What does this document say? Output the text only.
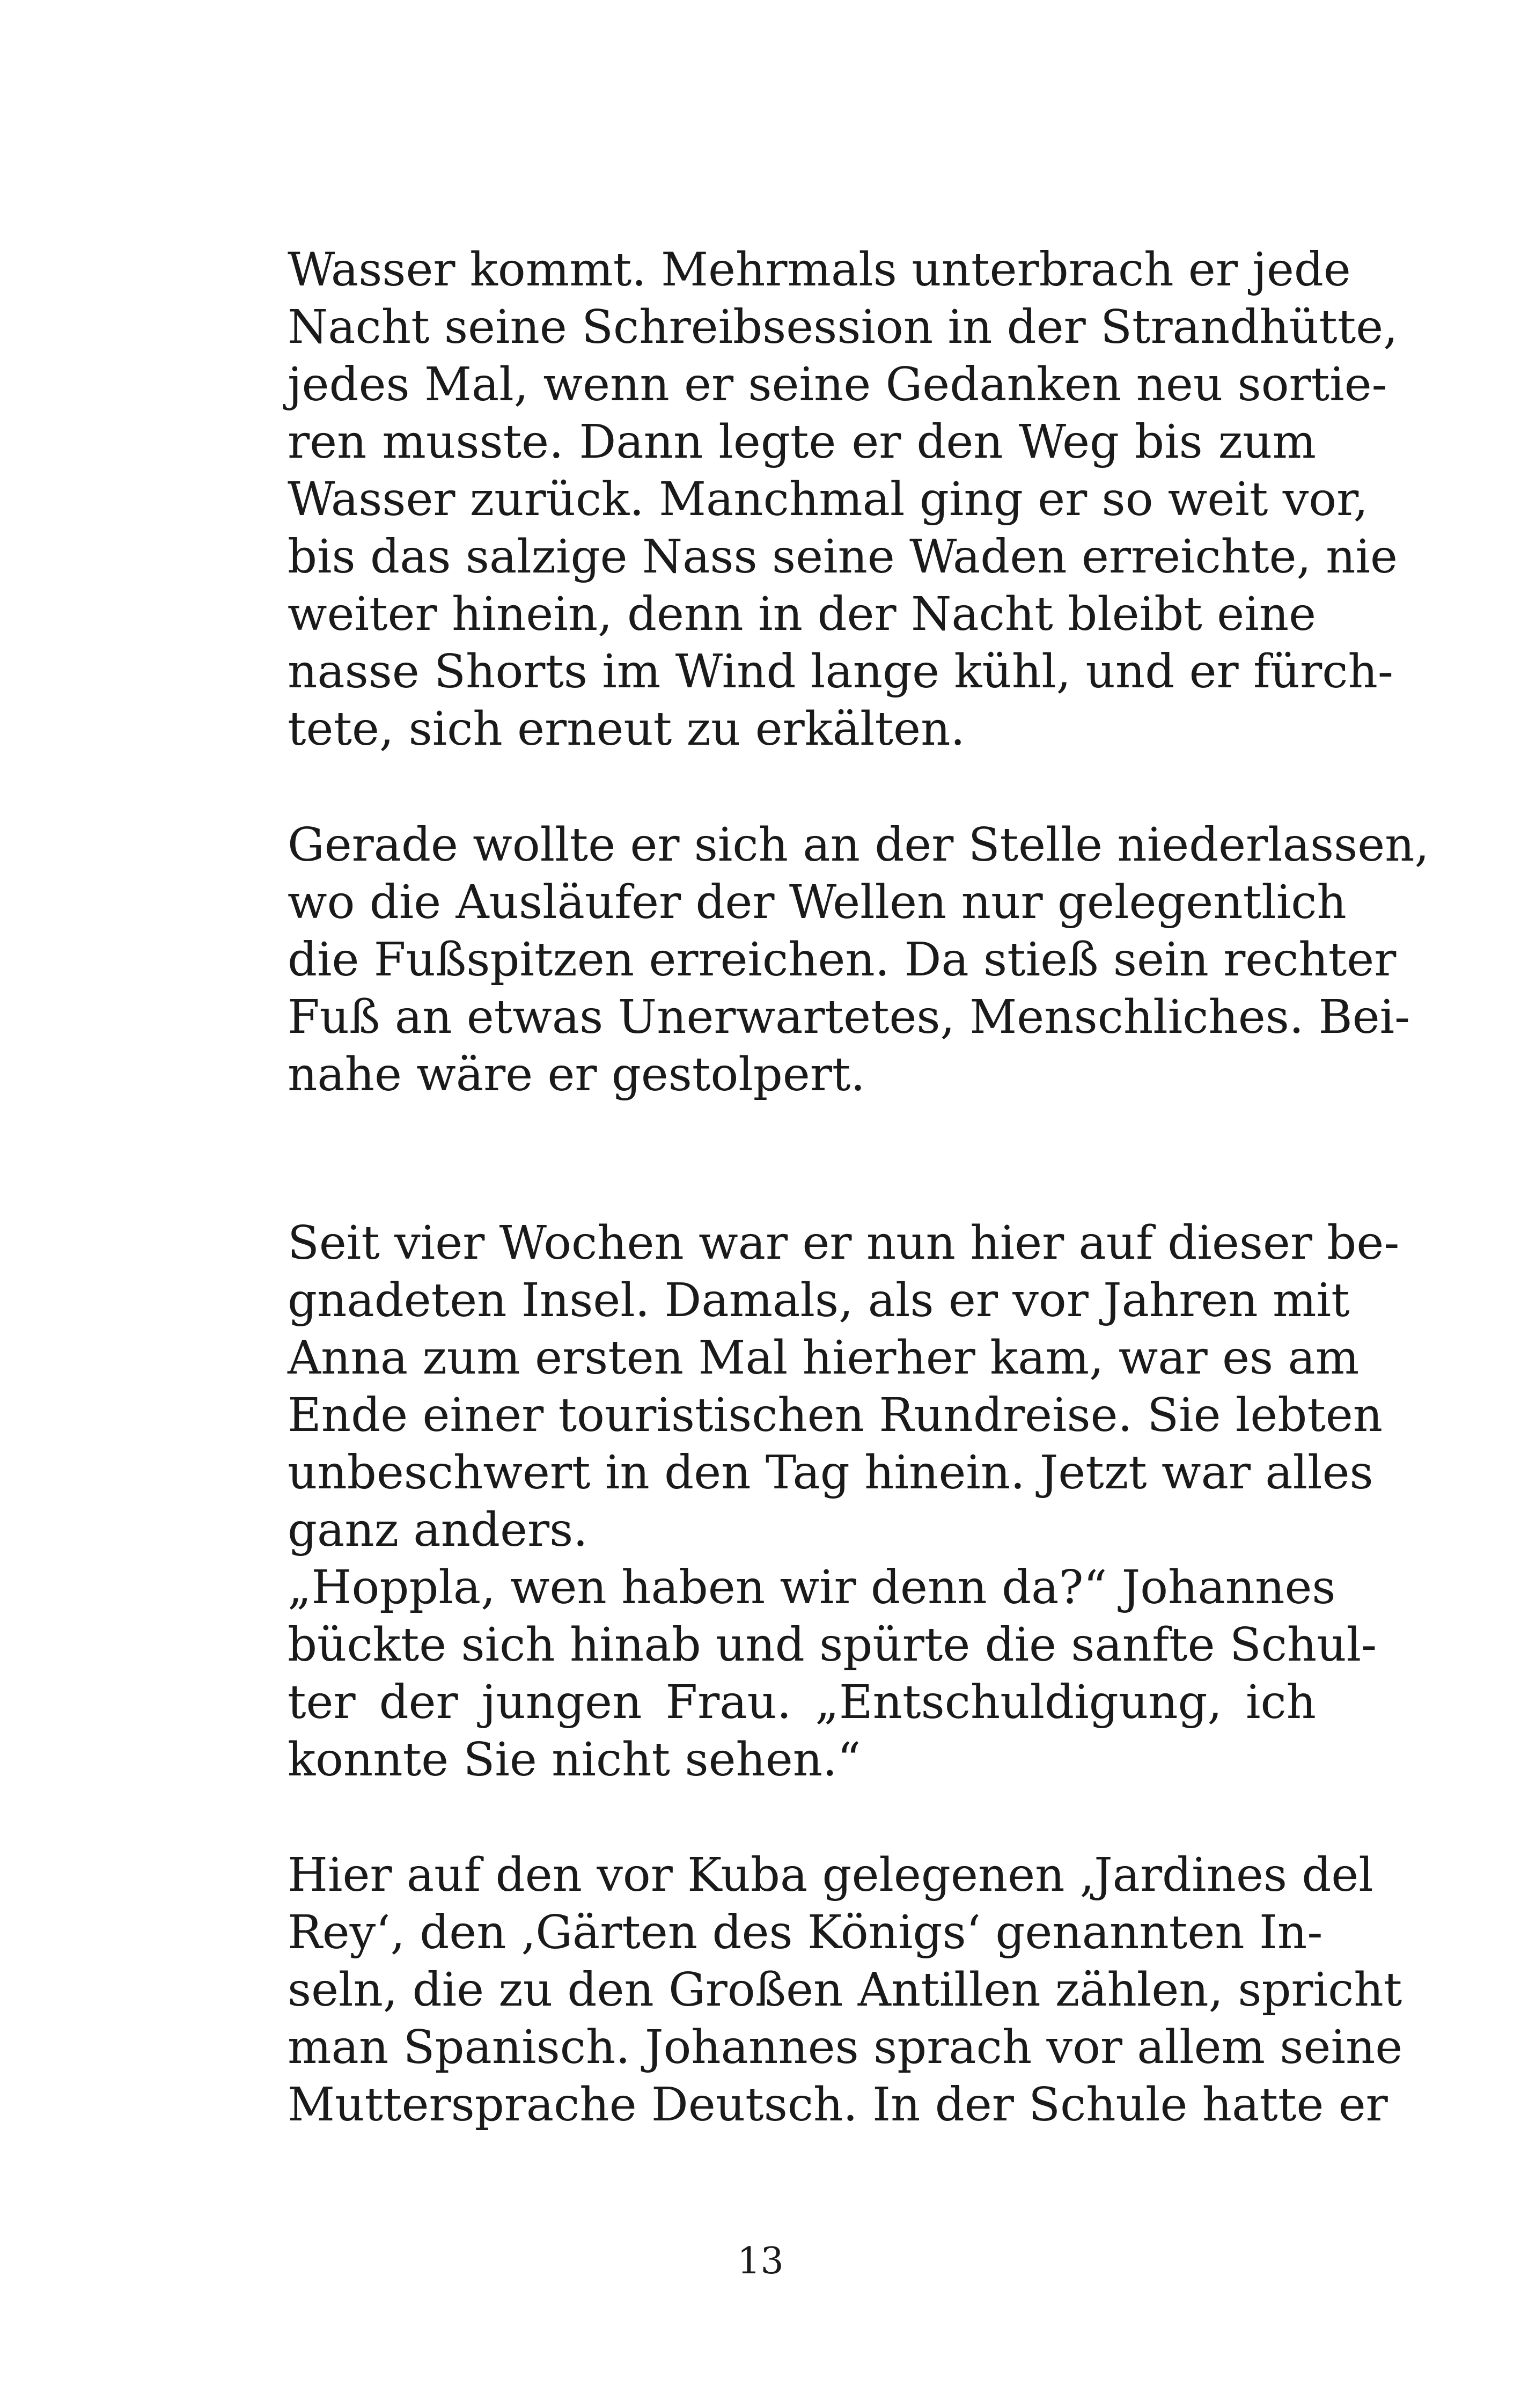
Wasser kommt. Mehrmals unterbrach er jede
Nacht seine Schreibsession in der Strandhütte,
jedes Mal, wenn er seine Gedanken neu sortie-
ren musste. Dann legte er den Weg bis zum
Wasser zurück. Manchmal ging er so weit vor,
bis das salzige Nass seine Waden erreichte, nie
weiter hinein, denn in der Nacht bleibt eine
nasse Shorts im Wind lange kühl, und er fürch-
tete, sich erneut zu erkälten.
Gerade wollte er sich an der Stelle niederlassen,
wo die Ausläufer der Wellen nur gelegentlich
die Fußspitzen erreichen. Da stieß sein rechter
Fuß an etwas Unerwartetes, Menschliches. Bei-
nahe wäre er gestolpert.
Seit vier Wochen war er nun hier auf dieser be-
gnadeten Insel. Damals, als er vor Jahren mit
Anna zum ersten Mal hierher kam, war es am
Ende einer touristischen Rundreise. Sie lebten
unbeschwert in den Tag hinein. Jetzt war alles
ganz anders.
„Hoppla, wen haben wir denn da?“ Johannes
bückte sich hinab und spürte die sanfte Schul-
ter der jungen Frau. „Entschuldigung, ich
konnte Sie nicht sehen.“
Hier auf den vor Kuba gelegenen ‚Jardines del
Rey‘, den ‚Gärten des Königs‘ genannten In-
seln, die zu den Großen Antillen zählen, spricht
man Spanisch. Johannes sprach vor allem seine
Muttersprache Deutsch. In der Schule hatte er
13
